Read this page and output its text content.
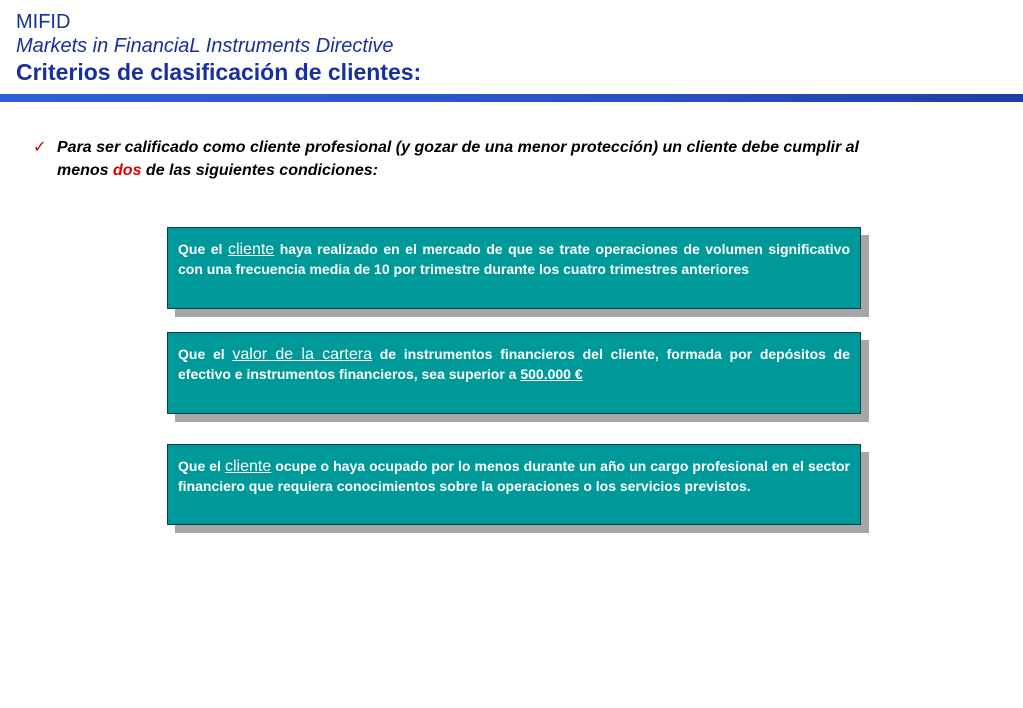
MIFID
Markets in FinanciaL Instruments Directive
Criterios de clasificación de clientes:
✓ Para ser calificado como cliente profesional (y gozar de una menor protección) un cliente debe cumplir al menos dos de las siguientes condiciones:
Que el cliente haya realizado en el mercado de que se trate operaciones de volumen significativo con una frecuencia media de 10 por trimestre durante los cuatro trimestres anteriores
Que el valor de la cartera de instrumentos financieros del cliente, formada por depósitos de efectivo e instrumentos financieros, sea superior a 500.000 €
Que el cliente ocupe o haya ocupado por lo menos durante un año un cargo profesional en el sector financiero que requiera conocimientos sobre la operaciones o los servicios previstos.
